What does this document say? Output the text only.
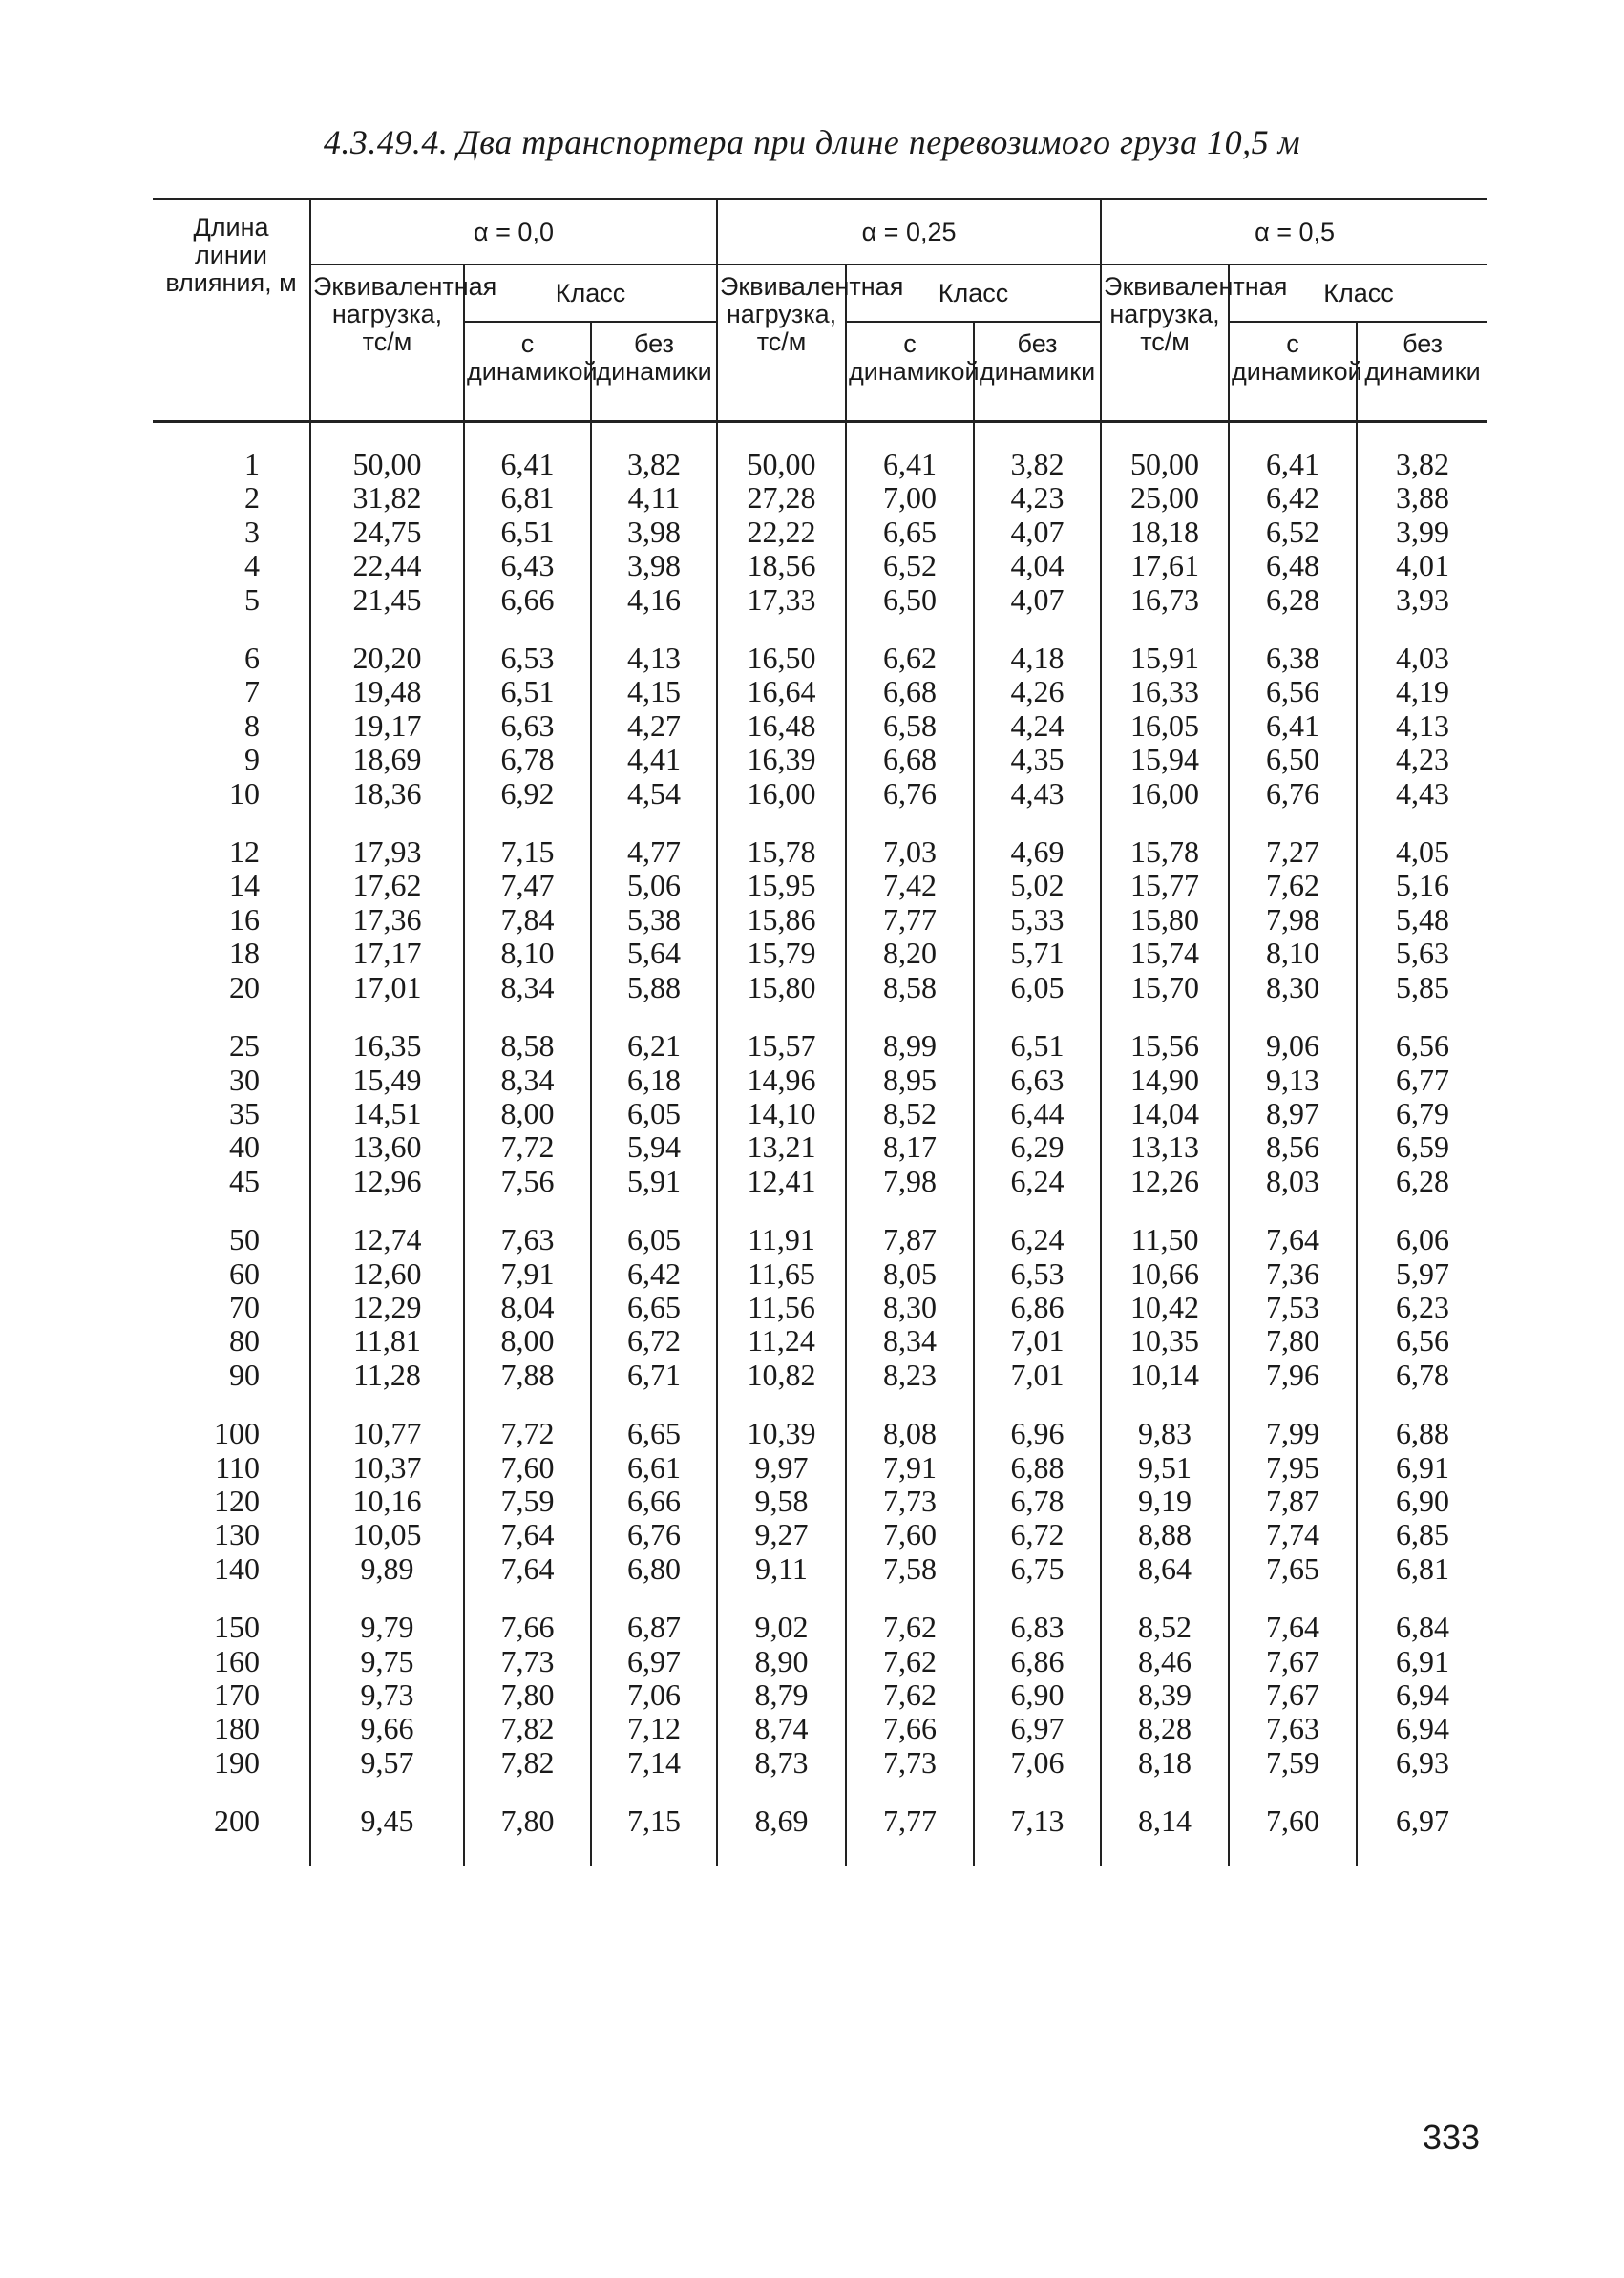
4.3.49.4. Два транспортера при длине перевозимого груза 10,5 м
Длина линии влияния, м	α = 0,0			α = 0,25			α = 0,5		
	Эквивалентная нагрузка, тс/м	Класс		Эквивалентная нагрузка, тс/м	Класс		Эквивалентная нагрузка, тс/м	Класс	
		с динамикой	без динамики		с динамикой	без динамики		с динамикой	без динамики

1	50,00	6,41	3,82	50,00	6,41	3,82	50,00	6,41	3,82
2	31,82	6,81	4,11	27,28	7,00	4,23	25,00	6,42	3,88
3	24,75	6,51	3,98	22,22	6,65	4,07	18,18	6,52	3,99
4	22,44	6,43	3,98	18,56	6,52	4,04	17,61	6,48	4,01
5	21,45	6,66	4,16	17,33	6,50	4,07	16,73	6,28	3,93

6	20,20	6,53	4,13	16,50	6,62	4,18	15,91	6,38	4,03
7	19,48	6,51	4,15	16,64	6,68	4,26	16,33	6,56	4,19
8	19,17	6,63	4,27	16,48	6,58	4,24	16,05	6,41	4,13
9	18,69	6,78	4,41	16,39	6,68	4,35	15,94	6,50	4,23
10	18,36	6,92	4,54	16,00	6,76	4,43	16,00	6,76	4,43

12	17,93	7,15	4,77	15,78	7,03	4,69	15,78	7,27	4,05
14	17,62	7,47	5,06	15,95	7,42	5,02	15,77	7,62	5,16
16	17,36	7,84	5,38	15,86	7,77	5,33	15,80	7,98	5,48
18	17,17	8,10	5,64	15,79	8,20	5,71	15,74	8,10	5,63
20	17,01	8,34	5,88	15,80	8,58	6,05	15,70	8,30	5,85

25	16,35	8,58	6,21	15,57	8,99	6,51	15,56	9,06	6,56
30	15,49	8,34	6,18	14,96	8,95	6,63	14,90	9,13	6,77
35	14,51	8,00	6,05	14,10	8,52	6,44	14,04	8,97	6,79
40	13,60	7,72	5,94	13,21	8,17	6,29	13,13	8,56	6,59
45	12,96	7,56	5,91	12,41	7,98	6,24	12,26	8,03	6,28

50	12,74	7,63	6,05	11,91	7,87	6,24	11,50	7,64	6,06
60	12,60	7,91	6,42	11,65	8,05	6,53	10,66	7,36	5,97
70	12,29	8,04	6,65	11,56	8,30	6,86	10,42	7,53	6,23
80	11,81	8,00	6,72	11,24	8,34	7,01	10,35	7,80	6,56
90	11,28	7,88	6,71	10,82	8,23	7,01	10,14	7,96	6,78

100	10,77	7,72	6,65	10,39	8,08	6,96	9,83	7,99	6,88
110	10,37	7,60	6,61	9,97	7,91	6,88	9,51	7,95	6,91
120	10,16	7,59	6,66	9,58	7,73	6,78	9,19	7,87	6,90
130	10,05	7,64	6,76	9,27	7,60	6,72	8,88	7,74	6,85
140	9,89	7,64	6,80	9,11	7,58	6,75	8,64	7,65	6,81

150	9,79	7,66	6,87	9,02	7,62	6,83	8,52	7,64	6,84
160	9,75	7,73	6,97	8,90	7,62	6,86	8,46	7,67	6,91
170	9,73	7,80	7,06	8,79	7,62	6,90	8,39	7,67	6,94
180	9,66	7,82	7,12	8,74	7,66	6,97	8,28	7,63	6,94
190	9,57	7,82	7,14	8,73	7,73	7,06	8,18	7,59	6,93

200	9,45	7,80	7,15	8,69	7,77	7,13	8,14	7,60	6,97

333
